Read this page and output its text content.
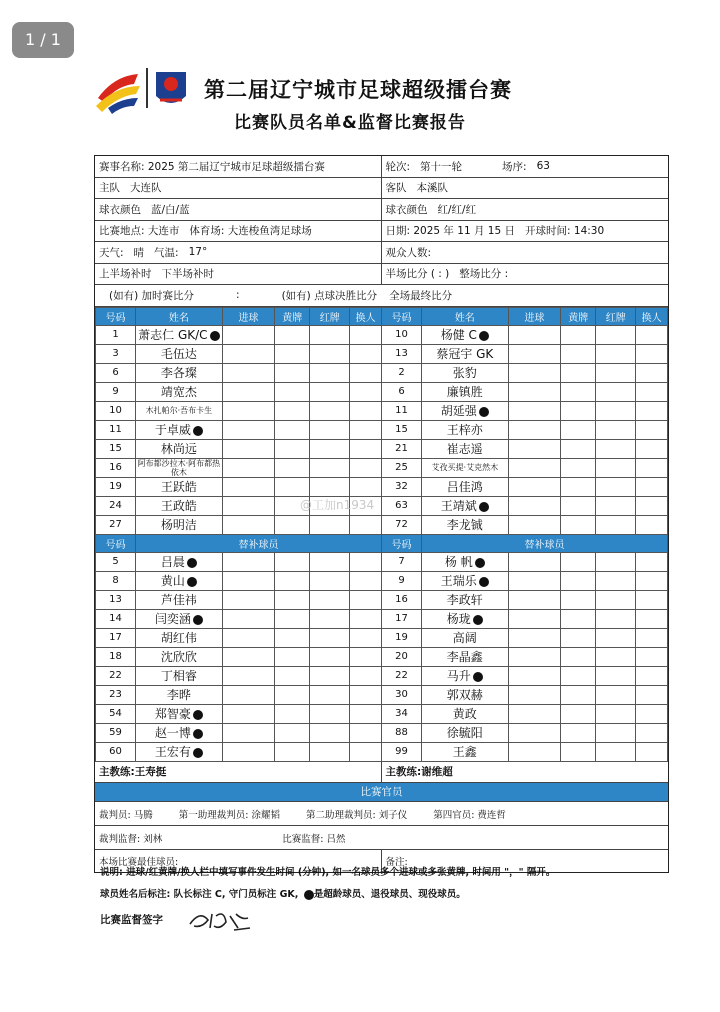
1 / 1
第二届辽宁城市足球超级擂台赛
比赛队员名单&监督比赛报告
赛事名称: 2025 第二届辽宁城市足球超级擂台赛	轮次: 第十一轮	场序: 63
主队 大连队	客队 本溪队
球衣颜色 蓝/白/蓝	球衣颜色 红/红/红
比赛地点: 大连市 体育场: 大连梭鱼湾足球场	日期: 2025 年 11 月 15 日 开球时间: 14:30
天气: 晴 气温: 17°	观众人数:
上半场补时 下半场补时	半场比分 ( : ) 整场比分 :
(如有) 加时赛比分	:	(如有) 点球决胜比分 全场最终比分
号码	姓名	进球	黄牌	红牌	换人	号码	姓名	进球	黄牌	红牌	换人
1	萧志仁 GK/C					10	杨健 C				
3	毛伍达					13	蔡冠宇 GK				
6	李各璨					2	张豹				
9	靖宽杰					6	廉镇胜				
10	木扎帕尔·吾布卡生					11	胡延强				
11	于卓威					15	王梓亦				
15	林尚远					21	崔志遥				
16	阿布都沙拉木·阿布都热依木					25	艾孜买提·艾克然木				
19	王跃皓					32	吕佳鸿				
24	王政皓					63	王靖斌				
27	杨明洁					72	李龙铖				
号码	替补球员					号码	替补球员				
5	吕晨					7	杨 帆				
8	黄山					9	王瑞乐				
13	芦佳祎					16	李政轩				
14	闫奕涵					17	杨珑				
17	胡红伟					19	高阔				
18	沈欣欣					20	李晶鑫				
22	丁相睿					22	马升				
23	李晔					30	郭双赫				
54	郑智豪					34	黄政				
59	赵一博					88	徐毓阳				
60	王宏有					99	王鑫				
主教练:王寿挺	主教练:谢维超
比赛官员
裁判员: 马腾	第一助理裁判员: 涂耀韬	第二助理裁判员: 刘子仪	第四官员: 费连哲
裁判监督: 刘林	比赛监督: 吕然
本场比赛最佳球员:	备注:
说明: 进球/红黄牌/换人栏中填写事件发生时间 (分钟), 如一名球员多个进球或多张黄牌, 时间用 "，" 隔开。
球员姓名后标注: 队长标注 C, 守门员标注 GK, 是超龄球员、退役球员、现役球员。
比赛监督签字
@工加n1934
